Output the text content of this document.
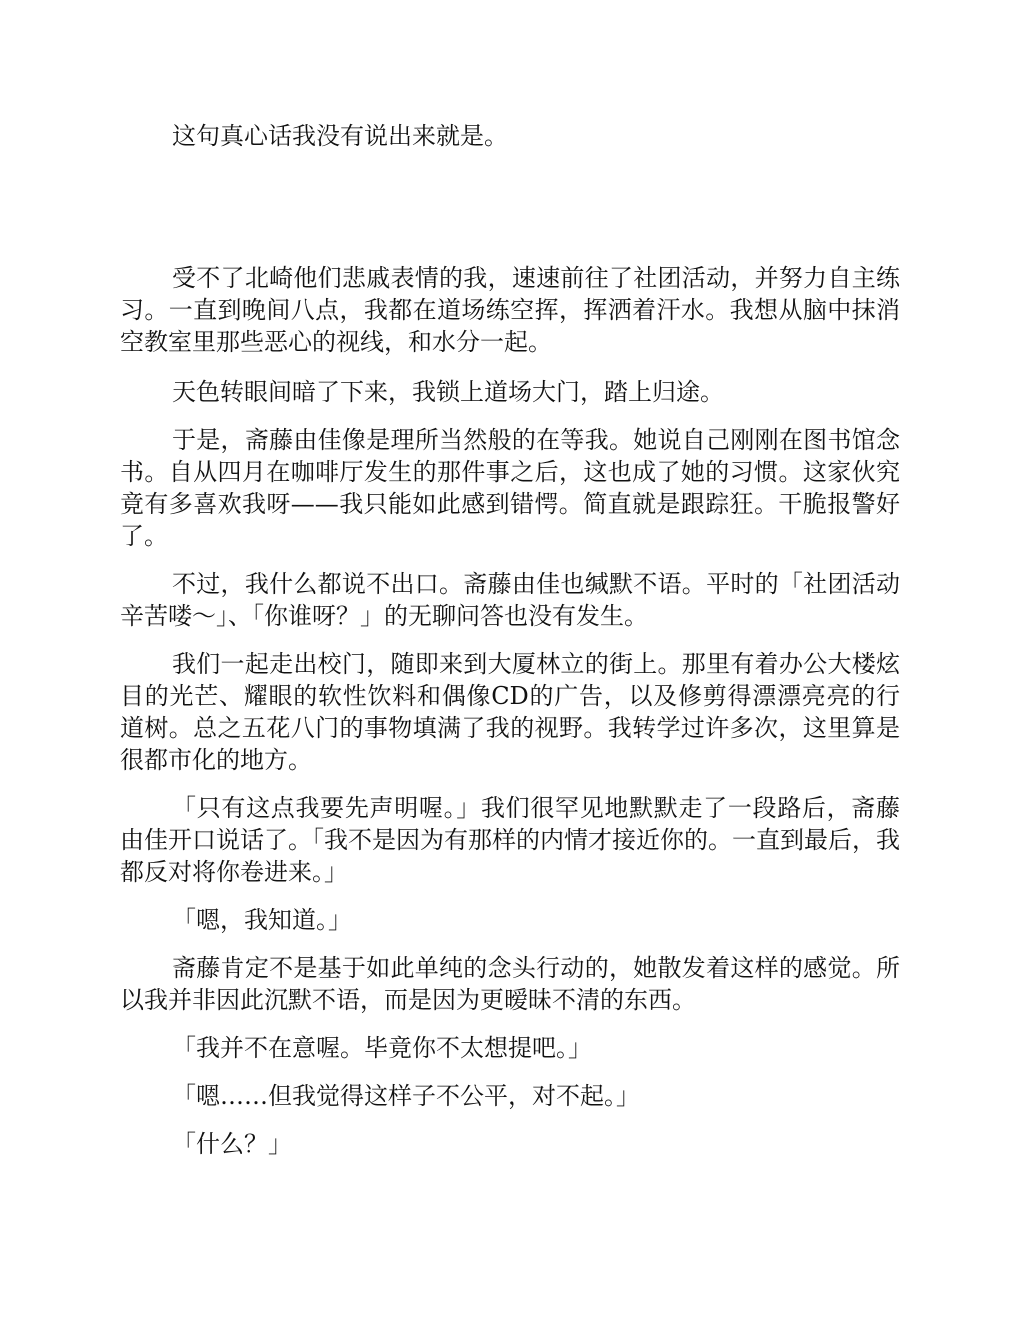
这句真心话我没有说出来就是。

受不了北崎他们悲戚表情的我，速速前往了社团活动，并努力自主练习。一直到晚间八点，我都在道场练空挥，挥洒着汗水。我想从脑中抹消空教室里那些恶心的视线，和水分一起。

天色转眼间暗了下来，我锁上道场大门，踏上归途。

于是，斋藤由佳像是理所当然般的在等我。她说自己刚刚在图书馆念书。自从四月在咖啡厅发生的那件事之后，这也成了她的习惯。这家伙究竟有多喜欢我呀——我只能如此感到错愕。简直就是跟踪狂。干脆报警好了。

不过，我什么都说不出口。斋藤由佳也缄默不语。平时的「社团活动辛苦喽～」、「你谁呀？」的无聊问答也没有发生。

我们一起走出校门，随即来到大厦林立的街上。那里有着办公大楼炫目的光芒、耀眼的软性饮料和偶像CD的广告，以及修剪得漂漂亮亮的行道树。总之五花八门的事物填满了我的视野。我转学过许多次，这里算是很都市化的地方。

「只有这点我要先声明喔。」我们很罕见地默默走了一段路后，斋藤由佳开口说话了。「我不是因为有那样的内情才接近你的。一直到最后，我都反对将你卷进来。」

「嗯，我知道。」

斋藤肯定不是基于如此单纯的念头行动的，她散发着这样的感觉。所以我并非因此沉默不语，而是因为更暧昧不清的东西。

「我并不在意喔。毕竟你不太想提吧。」

「嗯……但我觉得这样子不公平，对不起。」

「什么？」
